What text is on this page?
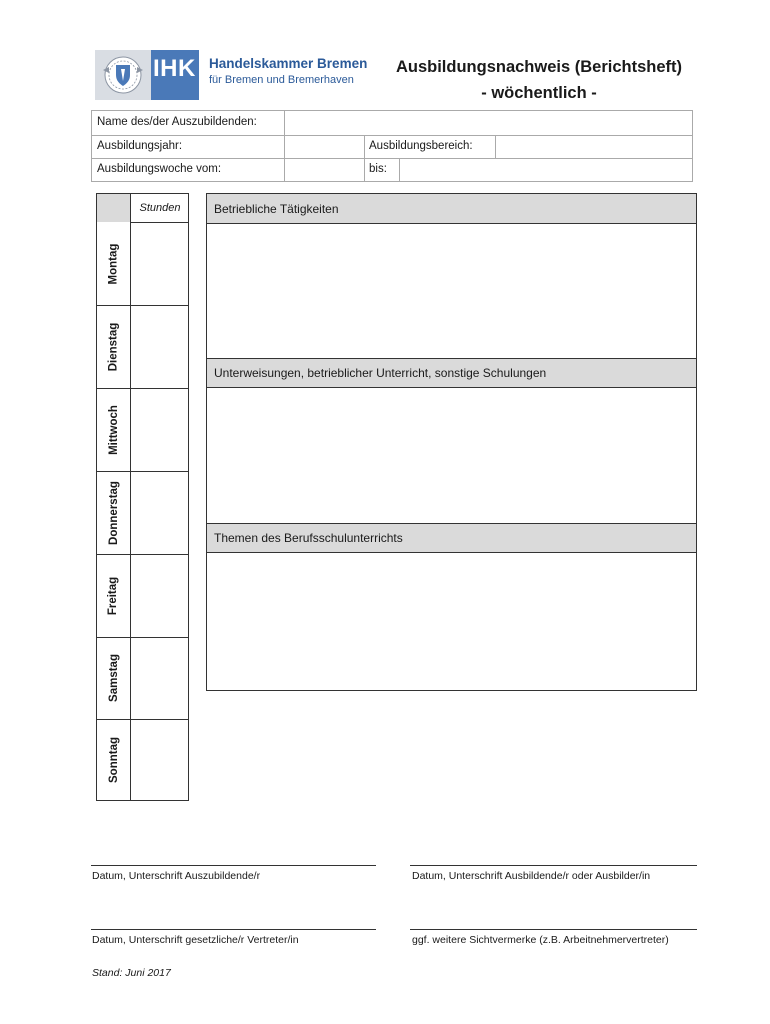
IHK Handelskammer Bremen
für Bremen und Bremerhaven
Ausbildungsnachweis (Berichtsheft)
- wöchentlich -
Name des/der Auszubildenden:
Ausbildungsjahr:	Ausbildungsbereich:
Ausbildungswoche vom:	bis:
Stunden
Montag
Dienstag
Mittwoch
Donnerstag
Freitag
Samstag
Sonntag
Betriebliche Tätigkeiten
Unterweisungen, betrieblicher Unterricht, sonstige Schulungen
Themen des Berufsschulunterrichts
Datum, Unterschrift Auszubildende/r	Datum, Unterschrift Ausbildende/r oder Ausbilder/in
Datum, Unterschrift gesetzliche/r Vertreter/in	ggf. weitere Sichtvermerke (z.B. Arbeitnehmervertreter)
Stand: Juni 2017
